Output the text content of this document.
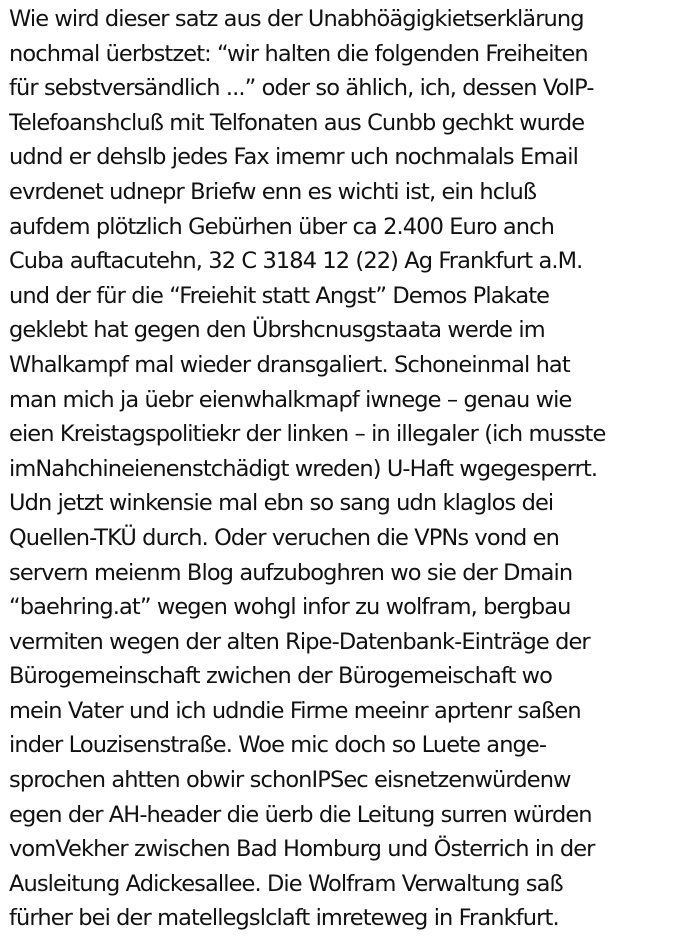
Wie wird dieser satz aus der Unabhöägigkietserklärung
nochmal üerbstzet: “wir halten die folgenden Freiheiten
für sebstversändlich ...” oder so ählich, ich, dessen VoIP-
Telefoanshcluß mit Telfonaten aus Cunbb gechkt wurde
udnd er dehslb jedes Fax imemr uch nochmalals Email
evrdenet udnepr Briefw enn es wichti ist, ein hcluß
aufdem plötzlich Gebürhen über ca 2.400 Euro anch
Cuba auftacutehn, 32 C 3184 12 (22) Ag Frankfurt a.M.
und der für die “Freiehit statt Angst” Demos Plakate
geklebt hat gegen den Übrshcnusgstaata werde im
Whalkampf mal wieder dransgaliert. Schoneinmal hat
man mich ja üebr eienwhalkmapf iwnege – genau wie
eien Kreistagspolitiekr der linken – in illegaler (ich musste
imNahchineienenstchädigt wreden) U-Haft wgegesperrt.
Udn jetzt winkensie mal ebn so sang udn klaglos dei
Quellen-TKÜ durch. Oder veruchen die VPNs vond en
servern meienm Blog aufzuboghren wo sie der Dmain
“baehring.at” wegen wohgl infor zu wolfram, bergbau
vermiten wegen der alten Ripe-Datenbank-Einträge der
Bürogemeinschaft zwichen der Bürogemeischaft wo
mein Vater und ich udndie Firme meeinr aprtenr saßen
inder Louzisenstraße. Woe mic doch so Luete ange-
sprochen ahtten obwir schonIPSec eisnetzenwürdenw
egen der AH-header die üerb die Leitung surren würden
vomVekher zwischen Bad Homburg und Österrich in der
Ausleitung Adickesallee. Die Wolfram Verwaltung saß
fürher bei der matellegslclaft imreteweg in Frankfurt.
